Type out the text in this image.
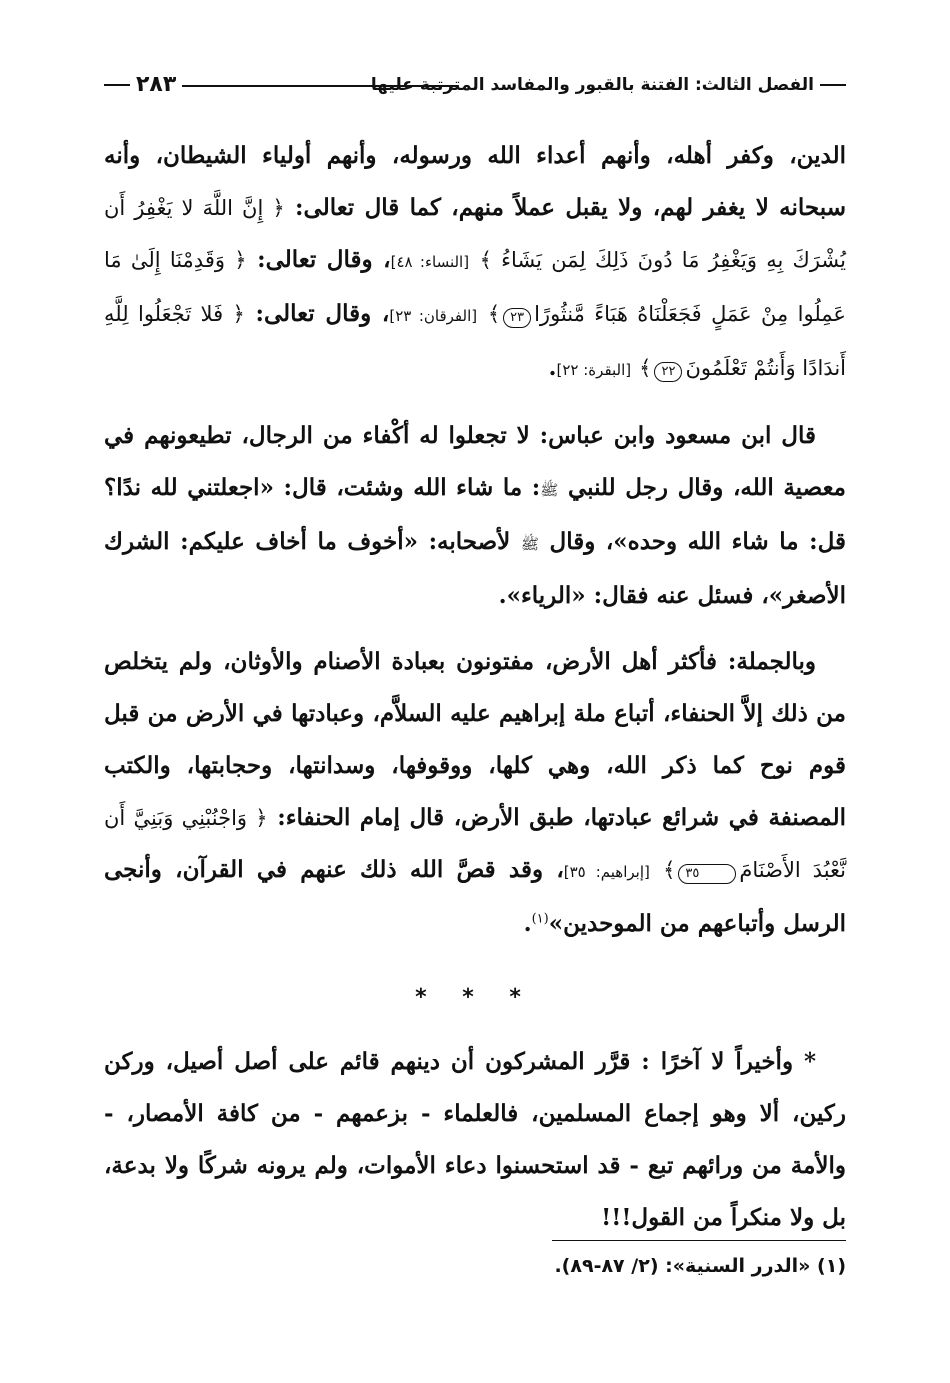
الفصل الثالث: الفتنة بالقبور والمفاسد المترتبة عليها
٢٨٣

الدين، وكفر أهله، وأنهم أعداء الله ورسوله، وأنهم أولياء الشيطان، وأنه سبحانه لا يغفر لهم، ولا يقبل عملاً منهم، كما قال تعالى: ﴿ إِنَّ اللَّهَ لا يَغْفِرُ أَن يُشْرَكَ بِهِ وَيَغْفِرُ مَا دُونَ ذَلِكَ لِمَن يَشَاءُ ﴾ [النساء: ٤٨]، وقال تعالى: ﴿ وَقَدِمْنَا إِلَىٰ مَا عَمِلُوا مِنْ عَمَلٍ فَجَعَلْنَاهُ هَبَاءً مَّنثُورًا٢٣﴾ [الفرقان: ٢٣]، وقال تعالى: ﴿ فَلا تَجْعَلُوا لِلَّهِ أَندَادًا وَأَنتُمْ تَعْلَمُونَ٢٢﴾ [البقرة: ٢٢].

قال ابن مسعود وابن عباس: لا تجعلوا له أكْفاء من الرجال، تطيعونهم في معصية الله، وقال رجل للنبي ﷺ: ما شاء الله وشئت، قال: «اجعلتني لله ندًا؟ قل: ما شاء الله وحده»، وقال ﷺ لأصحابه: «أخوف ما أخاف عليكم: الشرك الأصغر»، فسئل عنه فقال: «الرياء».

وبالجملة: فأكثر أهل الأرض، مفتونون بعبادة الأصنام والأوثان، ولم يتخلص من ذلك إلاَّ الحنفاء، أتباع ملة إبراهيم عليه السلاَّم، وعبادتها في الأرض من قبل قوم نوح كما ذكر الله، وهي كلها، ووقوفها، وسدانتها، وحجابتها، والكتب المصنفة في شرائع عبادتها، طبق الأرض، قال إمام الحنفاء: ﴿ وَاجْنُبْنِي وَبَنِيَّ أَن نَّعْبُدَ الأَصْنَامَ٣٥﴾ [إبراهيم: ٣٥]، وقد قصَّ الله ذلك عنهم في القرآن، وأنجى الرسل وأتباعهم من الموحدين»$^{(١)}$.

* * *

* وأخيراً لا آخرًا : قرَّر المشركون أن دينهم قائم على أصل أصيل، وركن ركين، ألا وهو إجماع المسلمين، فالعلماء - بزعمهم - من كافة الأمصار، - والأمة من ورائهم تبع - قد استحسنوا دعاء الأموات، ولم يرونه شركًا ولا بدعة، بل ولا منكراً من القول!!!

(١) «الدرر السنية»: (٢/ ٨٧-٨٩).
